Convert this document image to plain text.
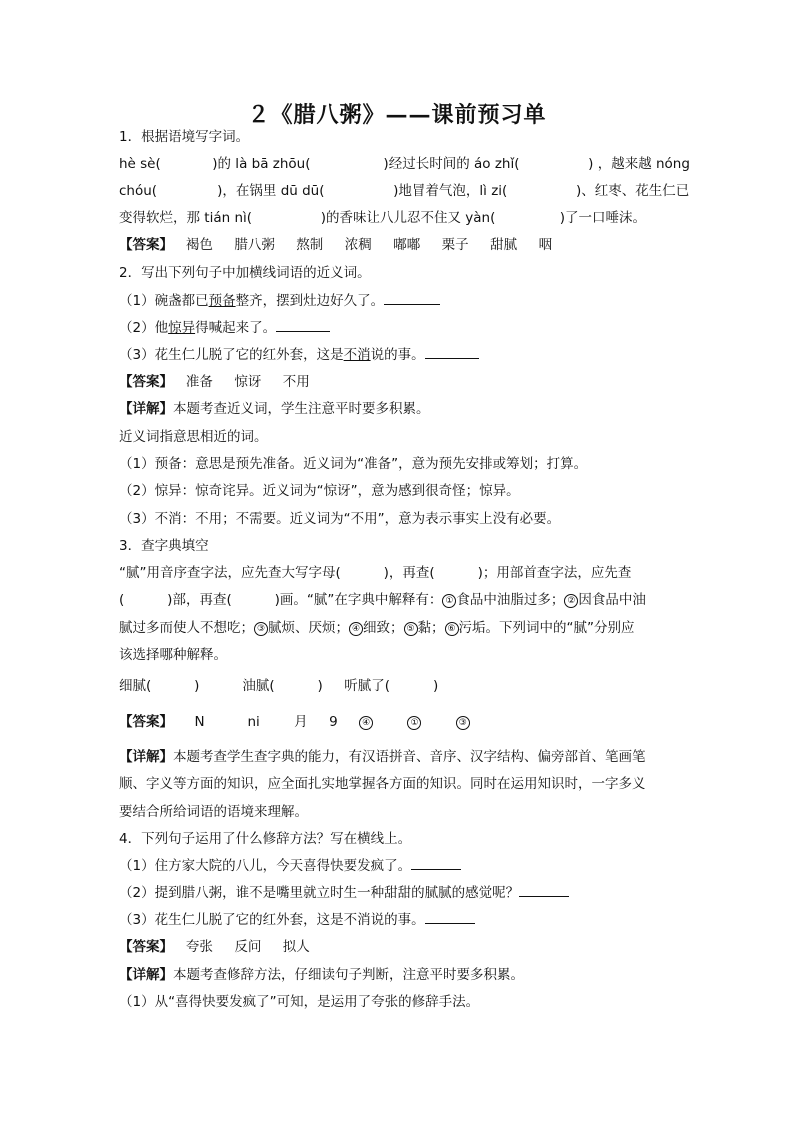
２《腊八粥》——课前预习单
1．根据语境写字词。
hè sè(            )的 là bā zhōu(                 )经过长时间的 áo zhǐ(                ) ，越来越 nóng
chóu(              )，在锅里 dū dū(                )地冒着气泡，lì zi(                )、红枣、花生仁已
变得软烂，那 tián nì(                )的香味让八儿忍不住又 yàn(               )了一口唾沫。
【答案】 褐色     腊八粥     熬制     浓稠     嘟嘟     栗子     甜腻     咽
2．写出下列句子中加横线词语的近义词。
（1）碗盏都已预备整齐，摆到灶边好久了。
（2）他惊异得喊起来了。
（3）花生仁儿脱了它的红外套，这是不消说的事。
【答案】 准备     惊讶     不用
【详解】本题考查近义词，学生注意平时要多积累。
近义词指意思相近的词。
（1）预备：意思是预先准备。近义词为“准备”，意为预先安排或筹划；打算。
（2）惊异：惊奇诧异。近义词为“惊讶”，意为感到很奇怪；惊异。
（3）不消：不用；不需要。近义词为“不用”，意为表示事实上没有必要。
3．查字典填空
“腻”用音序查字法，应先查大写字母(          )，再查(          )；用部首查字法，应先查
(          )部，再查(          )画。“腻”在字典中解释有： ① 食品中油脂过多； ② 因食品中油
腻过多而使人不想吃； ③ 腻烦、厌烦； ④ 细致； ⑤ 黏； ⑥ 污垢。下列词中的“腻”分别应
该选择哪种解释。
细腻(          )          油腻(          )     听腻了(          )
【答案】 N          ni        月     9	④	①	③
【详解】本题考查学生查字典的能力，有汉语拼音、音序、汉字结构、偏旁部首、笔画笔
顺、字义等方面的知识，应全面扎实地掌握各方面的知识。同时在运用知识时，一字多义
要结合所给词语的语境来理解。
4．下列句子运用了什么修辞方法？写在横线上。
（1）住方家大院的八儿，今天喜得快要发疯了。
（2）提到腊八粥，谁不是嘴里就立时生一种甜甜的腻腻的感觉呢？
（3）花生仁儿脱了它的红外套，这是不消说的事。
【答案】 夸张     反问     拟人
【详解】本题考查修辞方法，仔细读句子判断，注意平时要多积累。
（1）从“喜得快要发疯了”可知，是运用了夸张的修辞手法。
